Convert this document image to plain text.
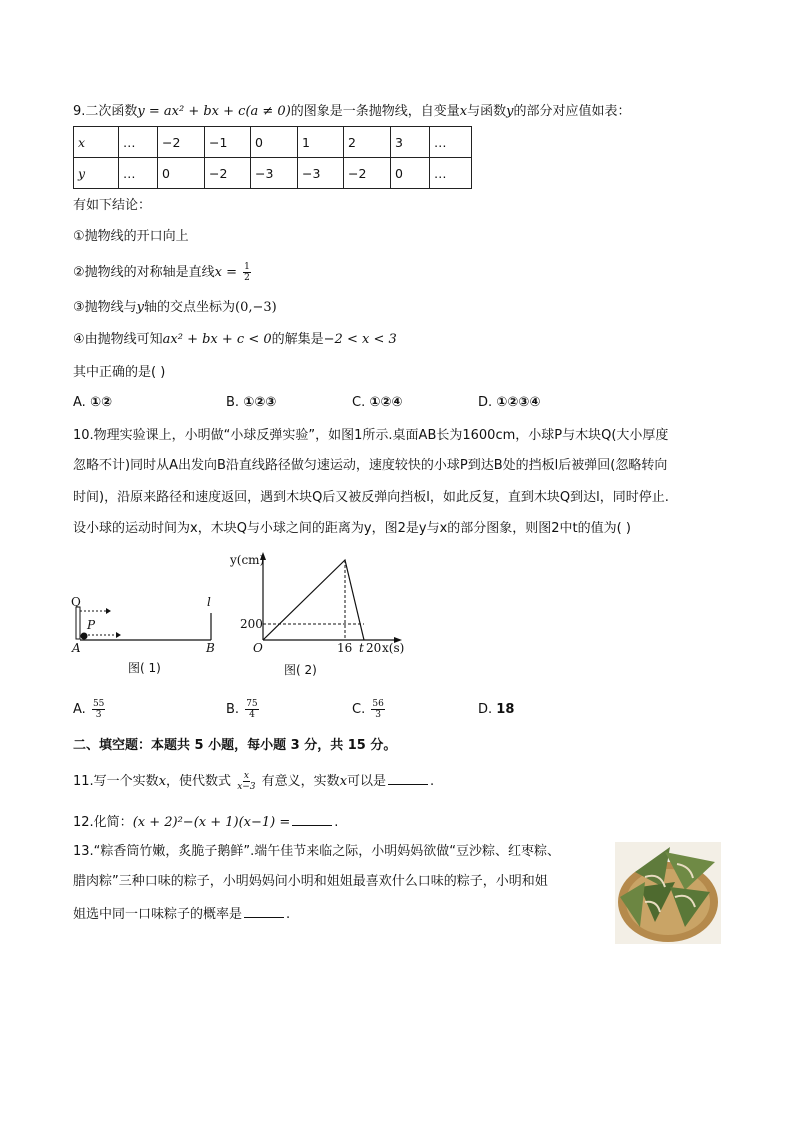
9.二次函数y = ax² + bx + c(a ≠ 0)的图象是一条抛物线，自变量x与函数y的部分对应值如表：
x	…	−2	−1	0	1	2	3	…
y	…	0	−2	−3	−3	−2	0	…
有如下结论：
①抛物线的开口向上
②抛物线的对称轴是直线$x = \frac{1}{2}$
③抛物线与y轴的交点坐标为(0,−3)
④由抛物线可知ax² + bx + c < 0的解集是−2 < x < 3
其中正确的是( )
A. ①②	B. ①②③	C. ①②④	D. ①②③④
10.物理实验课上，小明做“小球反弹实验”，如图1所示.桌面AB长为1600cm，小球P与木块Q(大小厚度
忽略不计)同时从A出发向B沿直线路径做匀速运动，速度较快的小球P到达B处的挡板l后被弹回(忽略转向
时间)，沿原来路径和速度返回，遇到木块Q后又被反弹向挡板l，如此反复，直到木块Q到达l，同时停止.
设小球的运动时间为x，木块Q与小球之间的距离为y，图2是y与x的部分图象，则图2中t的值为( )
Q	l
P
A	B
图( 1)
y(cm)
x(s)
O
200
16 t 20
图( 2)
A. $\frac{55}{3}$	B. $\frac{75}{4}$	C. $\frac{56}{3}$	D. 18
二、填空题：本题共 5 小题，每小题 3 分，共 15 分。
11.写一个实数x，使代数式 $\frac{x}{x-3}$ 有意义，实数x可以是	.
12.化简：(x + 2)²−(x + 1)(x−1) =	.
13.“粽香筒竹嫩，炙脆子鹅鲜”.端午佳节来临之际，小明妈妈欲做“豆沙粽、红枣粽、
腊肉粽”三种口味的粽子，小明妈妈问小明和姐姐最喜欢什么口味的粽子，小明和姐
姐选中同一口味粽子的概率是	.
